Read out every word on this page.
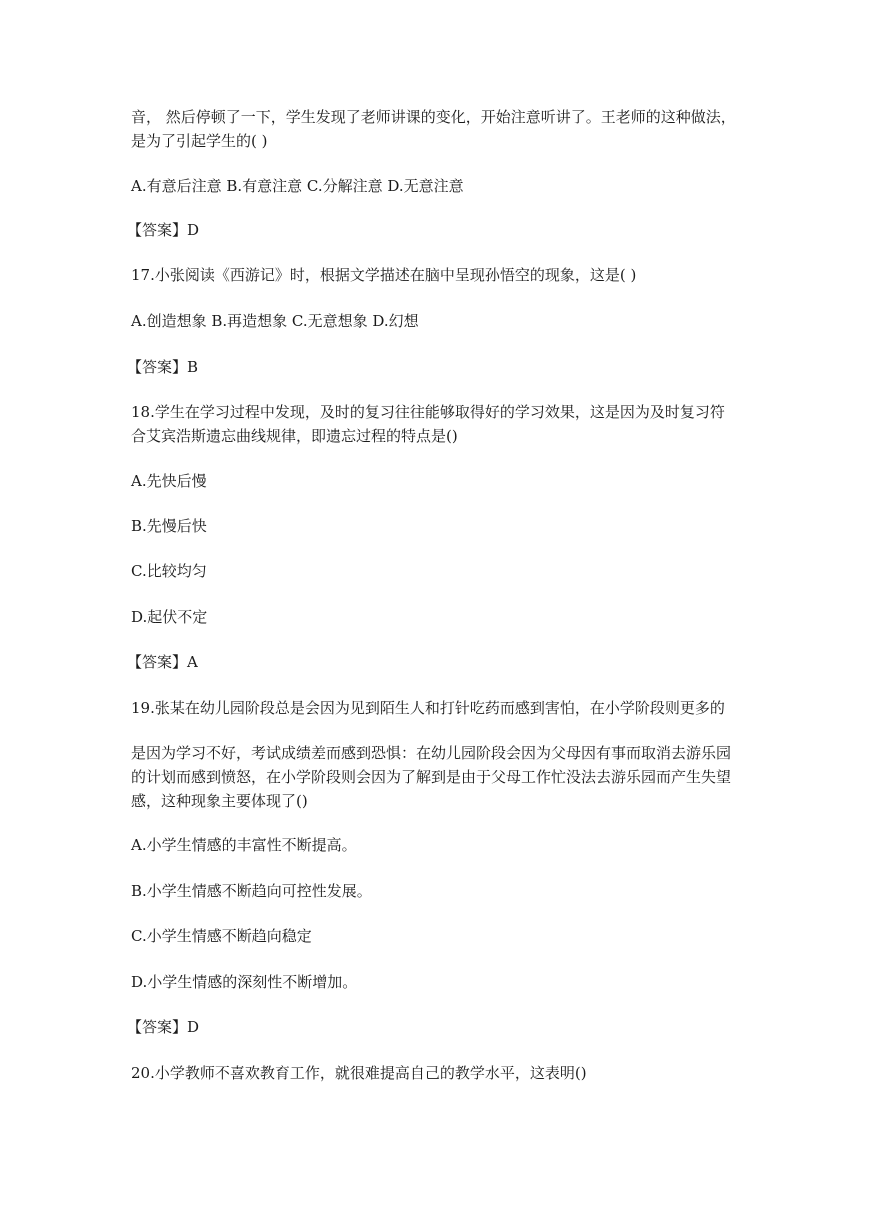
音， 然后停顿了一下，学生发现了老师讲课的变化，开始注意听讲了。王老师的这种做法，
是为了引起学生的( )
A.有意后注意 B.有意注意 C.分解注意 D.无意注意
【答案】D
17.小张阅读《西游记》时，根据文学描述在脑中呈现孙悟空的现象，这是( )
A.创造想象 B.再造想象 C.无意想象 D.幻想
【答案】B
18.学生在学习过程中发现，及时的复习往往能够取得好的学习效果，这是因为及时复习符
合艾宾浩斯遗忘曲线规律，即遗忘过程的特点是()
A.先快后慢
B.先慢后快
C.比较均匀
D.起伏不定
【答案】A
19.张某在幼儿园阶段总是会因为见到陌生人和打针吃药而感到害怕，在小学阶段则更多的
是因为学习不好，考试成绩差而感到恐惧：在幼儿园阶段会因为父母因有事而取消去游乐园
的计划而感到愤怒，在小学阶段则会因为了解到是由于父母工作忙没法去游乐园而产生失望
感，这种现象主要体现了()
A.小学生情感的丰富性不断提高。
B.小学生情感不断趋向可控性发展。
C.小学生情感不断趋向稳定
D.小学生情感的深刻性不断增加。
【答案】D
20.小学教师不喜欢教育工作，就很难提高自己的教学水平，这表明()
